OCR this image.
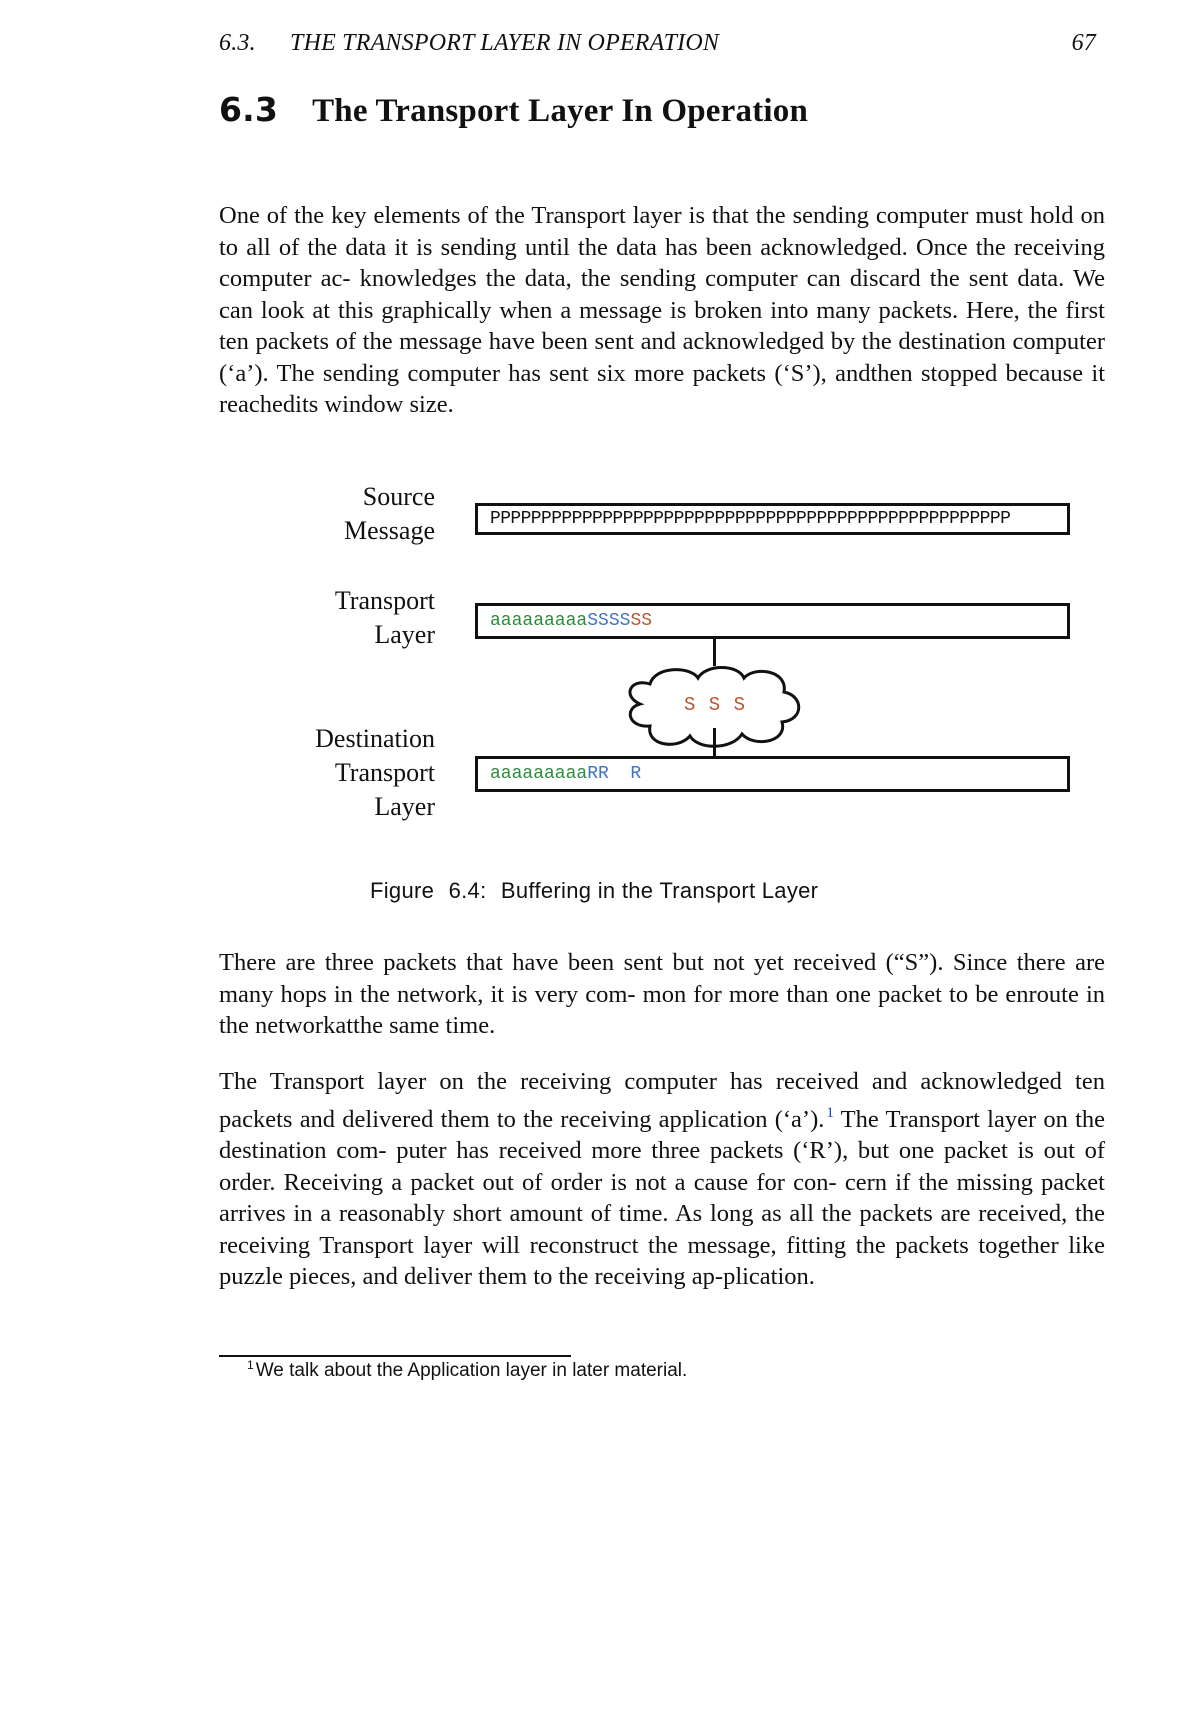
6.3. THE TRANSPORT LAYER IN OPERATION	67
6.3 The Transport Layer In Operation

One of the key elements of the Transport layer is that the sending computer must hold on to all of the data it is sending until the data has been acknowledged. Once the receiving computer ac- knowledges the data, the sending computer can discard the sent data. We can look at this graphically when a message is broken into many packets. Here, the first ten packets of the message have been sent and acknowledged by the destination computer (‘a’). The sending computer has sent six more packets (‘S’), andthen stopped because it reachedits window size.

Source
Message	PPPPPPPPPPPPPPPPPPPPPPPPPPPPPPPPPPPPPPPPPPPPPPPPPPP
Transport
Layer	aaaaaaaaaSSSSSS
S S S
Destination
Transport
Layer
aaaaaaaaaRR  R
Figure 6.4: Buffering in the Transport Layer

There are three packets that have been sent but not yet received (“S”). Since there are many hops in the network, it is very com- mon for more than one packet to be enroute in the networkatthe same time.

The Transport layer on the receiving computer has received and acknowledged ten packets and delivered them to the receiving application (‘a’). $^1$ The Transport layer on the destination com- puter has received more three packets (‘R’), but one packet is out of order. Receiving a packet out of order is not a cause for con- cern if the missing packet arrives in a reasonably short amount of time. As long as all the packets are received, the receiving Transport layer will reconstruct the message, fitting the packets together like puzzle pieces, and deliver them to the receiving ap-plication.

$^1$ We talk about the Application layer in later material.
